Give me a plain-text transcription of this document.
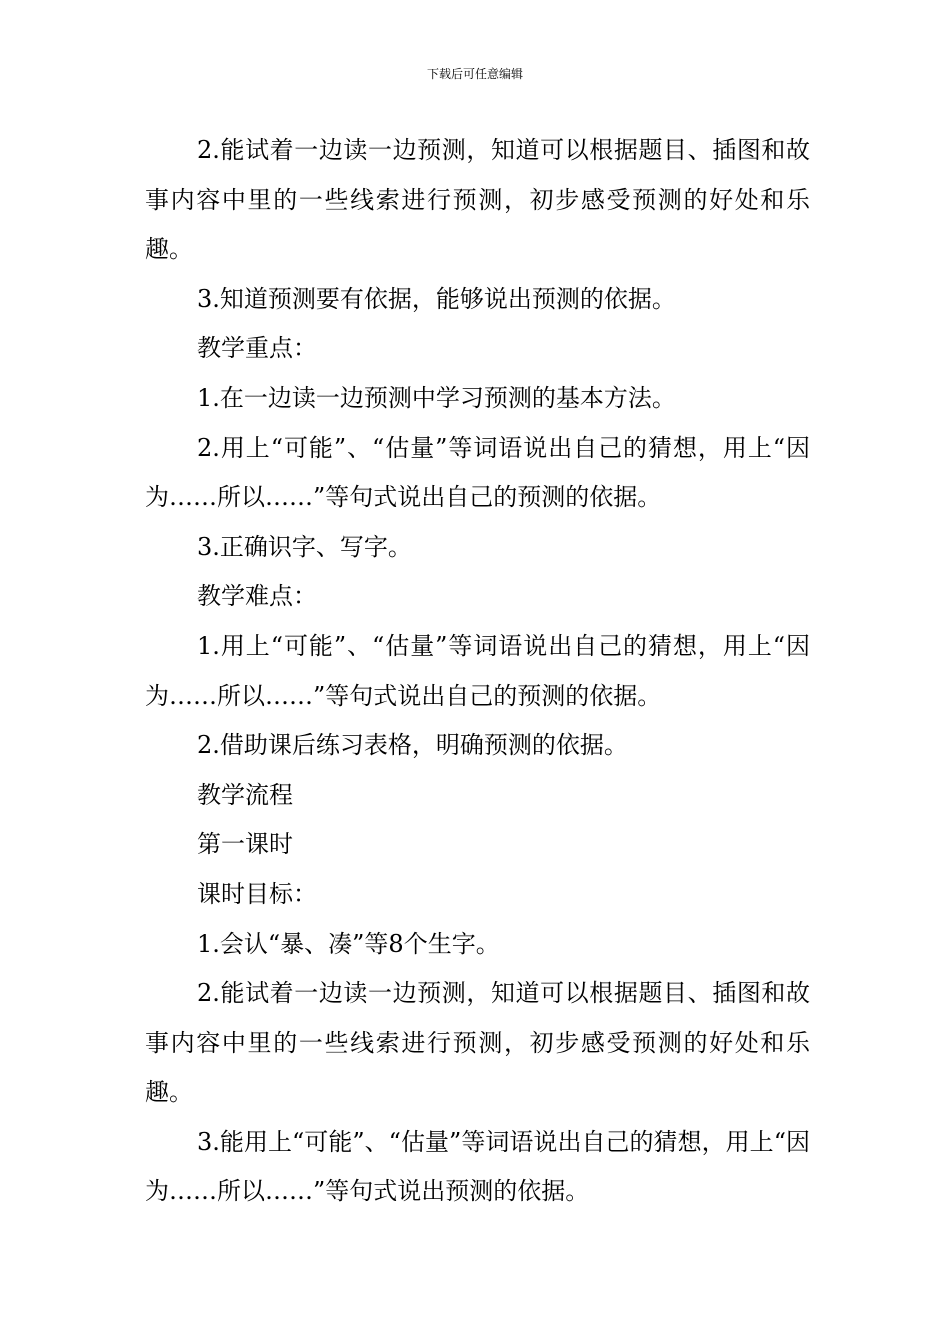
下载后可任意编辑

2.能试着一边读一边预测，知道可以根据题目、插图和故事内容中里的一些线索进行预测，初步感受预测的好处和乐趣。

3.知道预测要有依据，能够说出预测的依据。

教学重点：

1.在一边读一边预测中学习预测的基本方法。

2.用上“可能”、“估量”等词语说出自己的猜想，用上“因为……所以……”等句式说出自己的预测的依据。

3.正确识字、写字。

教学难点：

1.用上“可能”、“估量”等词语说出自己的猜想，用上“因为……所以……”等句式说出自己的预测的依据。

2.借助课后练习表格，明确预测的依据。

教学流程

第一课时

课时目标：

1.会认“暴、凑”等8个生字。

2.能试着一边读一边预测，知道可以根据题目、插图和故事内容中里的一些线索进行预测，初步感受预测的好处和乐趣。

3.能用上“可能”、“估量”等词语说出自己的猜想，用上“因为……所以……”等句式说出预测的依据。
